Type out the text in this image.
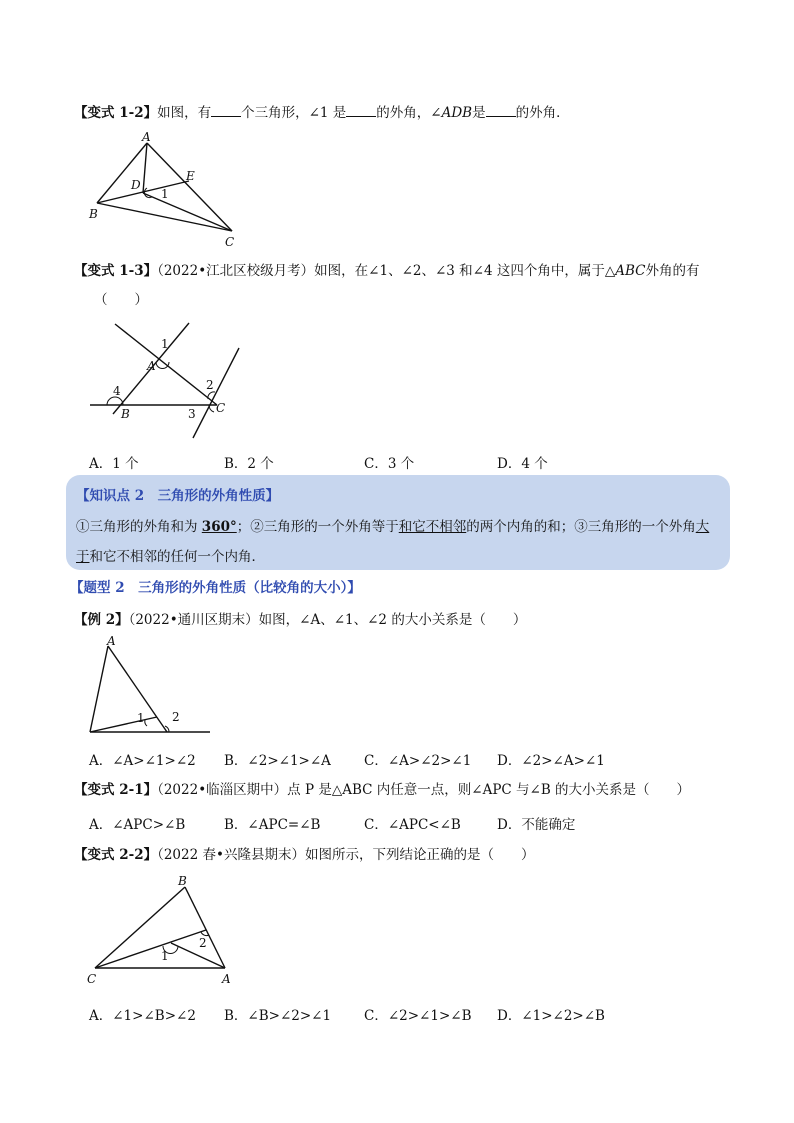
【变式 1-2】如图，有 个三角形，∠1 是 的外角，∠ADB是 的外角．
A
B
C
D
E
1
【变式 1-3】（2022•江北区校级月考）如图，在∠1、∠2、∠3 和∠4 这四个角中，属于△ABC外角的有
（　　）
1
A
2
4
B	3 C
A．1 个	B．2 个	C．3 个	D．4 个
【知识点 2　三角形的外角性质】
①三角形的外角和为 360°；②三角形的一个外角等于和它不相邻的两个内角的和；③三角形的一个外角大
于和它不相邻的任何一个内角．
【题型 2　三角形的外角性质（比较角的大小）】
【例 2】（2022•通川区期末）如图，∠A、∠1、∠2 的大小关系是（　　）
A
1 2
A．∠A>∠1>∠2 B．∠2>∠1>∠A C．∠A>∠2>∠1 D．∠2>∠A>∠1
【变式 2-1】（2022•临淄区期中）点 P 是△ABC 内任意一点，则∠APC 与∠B 的大小关系是（　　）
A．∠APC>∠B	B．∠APC=∠B	C．∠APC<∠B	D．不能确定
【变式 2-2】（2022 春•兴隆县期末）如图所示，下列结论正确的是（　　）
B
2
1
C	A
A．∠1>∠B>∠2 B．∠B>∠2>∠1 C．∠2>∠1>∠B D．∠1>∠2>∠B
